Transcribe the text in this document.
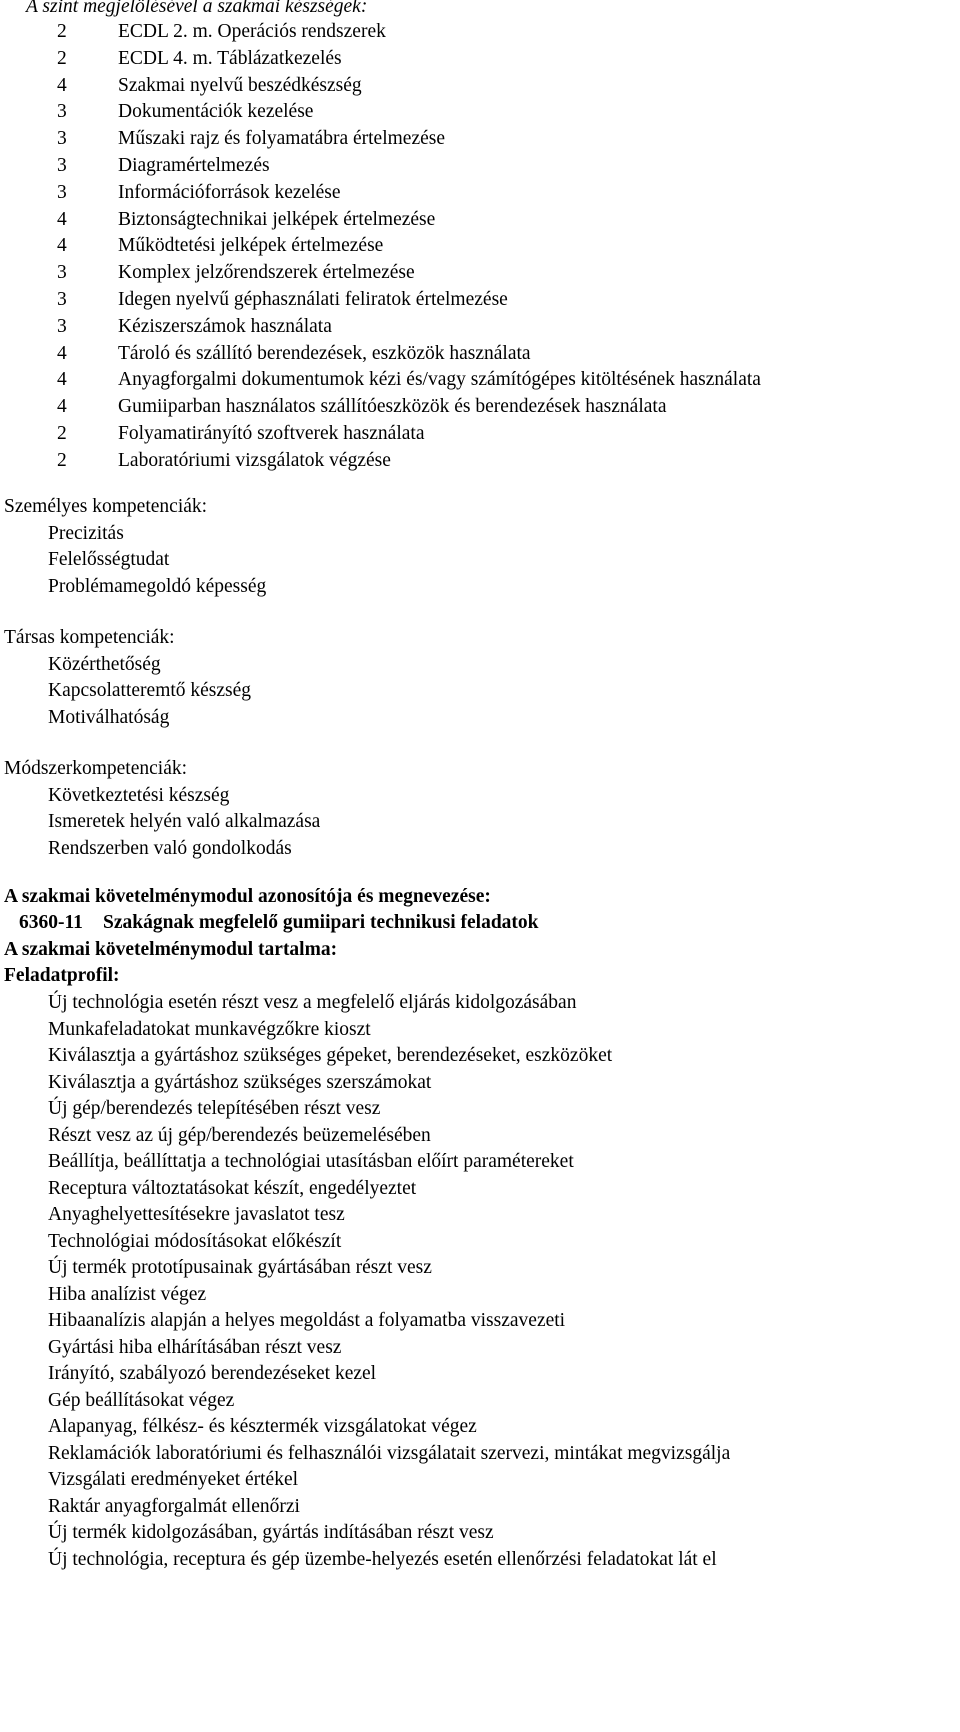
A szint megjelölésével a szakmai készségek:
2	ECDL 2. m. Operációs rendszerek
2	ECDL 4. m. Táblázatkezelés
4	Szakmai nyelvű beszédkészség
3	Dokumentációk kezelése
3	Műszaki rajz és folyamatábra értelmezése
3	Diagramértelmezés
3	Információforrások kezelése
4	Biztonságtechnikai jelképek értelmezése
4	Működtetési jelképek értelmezése
3	Komplex jelzőrendszerek értelmezése
3	Idegen nyelvű géphasználati feliratok értelmezése
3	Kéziszerszámok használata
4	Tároló és szállító berendezések, eszközök használata
4	Anyagforgalmi dokumentumok kézi és/vagy számítógépes kitöltésének használata
4	Gumiiparban használatos szállítóeszközök és berendezések használata
2	Folyamatirányító szoftverek használata
2	Laboratóriumi vizsgálatok végzése
Személyes kompetenciák:
Precizitás
Felelősségtudat
Problémamegoldó képesség
Társas kompetenciák:
Közérthetőség
Kapcsolatteremtő készség
Motiválhatóság
Módszerkompetenciák:
Következtetési készség
Ismeretek helyén való alkalmazása
Rendszerben való gondolkodás
A szakmai követelménymodul azonosítója és megnevezése:
6360-11 Szakágnak megfelelő gumiipari technikusi feladatok
A szakmai követelménymodul tartalma:
Feladatprofil:
Új technológia esetén részt vesz a megfelelő eljárás kidolgozásában
Munkafeladatokat munkavégzőkre kioszt
Kiválasztja a gyártáshoz szükséges gépeket, berendezéseket, eszközöket
Kiválasztja a gyártáshoz szükséges szerszámokat
Új gép/berendezés telepítésében részt vesz
Részt vesz az új gép/berendezés beüzemelésében
Beállítja, beállíttatja a technológiai utasításban előírt paramétereket
Receptura változtatásokat készít, engedélyeztet
Anyaghelyettesítésekre javaslatot tesz
Technológiai módosításokat előkészít
Új termék prototípusainak gyártásában részt vesz
Hiba analízist végez
Hibaanalízis alapján a helyes megoldást a folyamatba visszavezeti
Gyártási hiba elhárításában részt vesz
Irányító, szabályozó berendezéseket kezel
Gép beállításokat végez
Alapanyag, félkész- és késztermék vizsgálatokat végez
Reklamációk laboratóriumi és felhasználói vizsgálatait szervezi, mintákat megvizsgálja
Vizsgálati eredményeket értékel
Raktár anyagforgalmát ellenőrzi
Új termék kidolgozásában, gyártás indításában részt vesz
Új technológia, receptura és gép üzembe-helyezés esetén ellenőrzési feladatokat lát el
